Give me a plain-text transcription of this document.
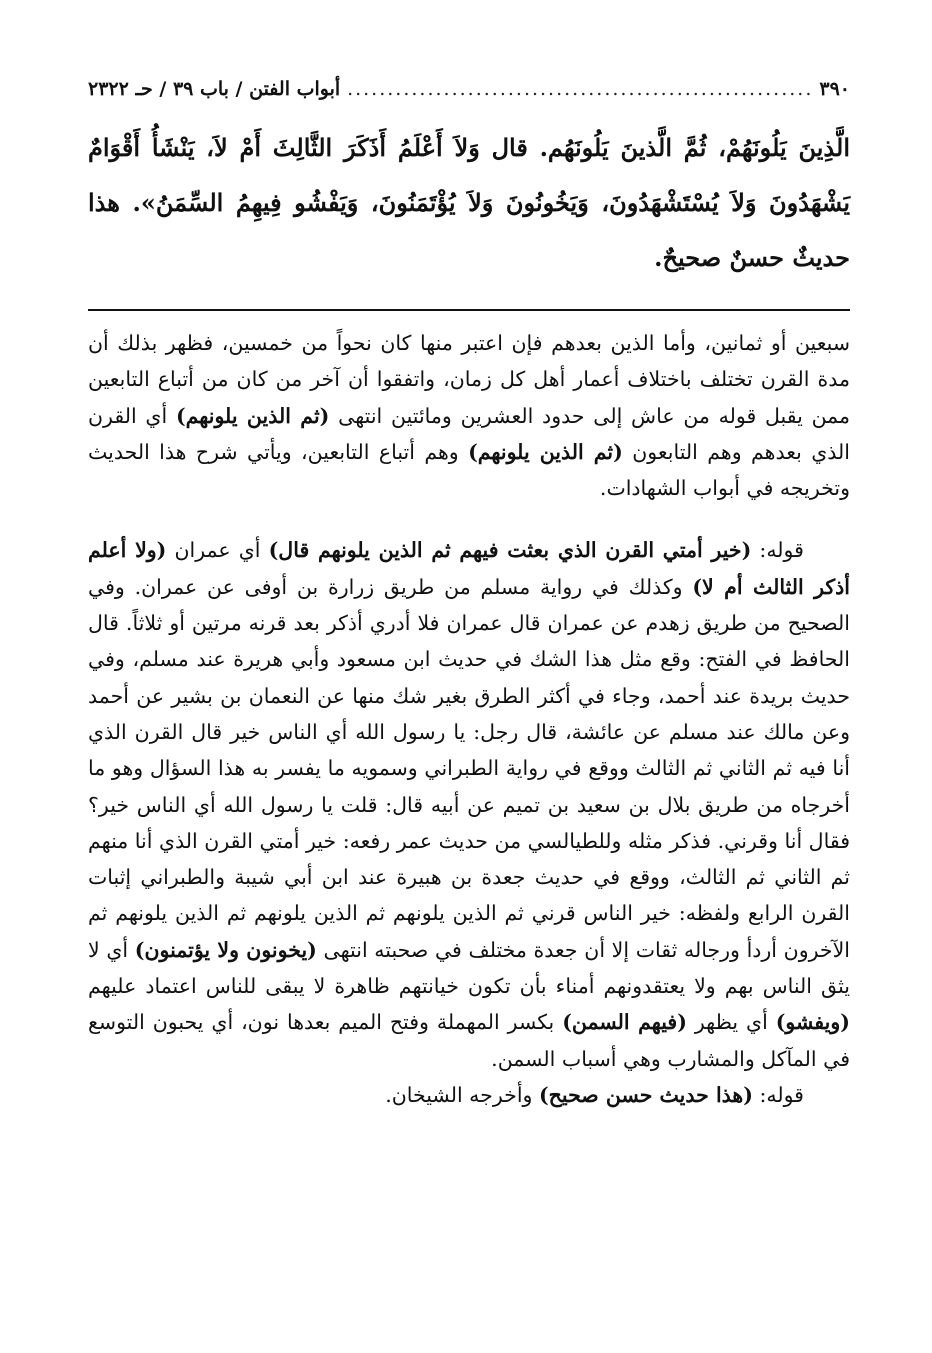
٣٩٠
.....
أبواب الفتن / باب ٣٩ / حـ ٢٣٢٢

الَّذِينَ يَلُونَهُمْ، ثُمَّ الَّذينَ يَلُونَهُم. قال وَلاَ أَعْلَمُ أَذَكَرَ الثَّالِثَ أَمْ لاَ، يَنْشَأُ أَقْوَامٌ يَشْهَدُونَ وَلاَ يُسْتَشْهَدُونَ، وَيَخُونُونَ وَلاَ يُؤْتَمَنُونَ، وَيَفْشُو فِيهِمُ السِّمَنُ». هذا حديثٌ حسنٌ صحيحٌ.

سبعين أو ثمانين، وأما الذين بعدهم فإن اعتبر منها كان نحواً من خمسين، فظهر بذلك أن مدة القرن تختلف باختلاف أعمار أهل كل زمان، واتفقوا أن آخر من كان من أتباع التابعين ممن يقبل قوله من عاش إلى حدود العشرين ومائتين انتهى (ثم الذين يلونهم) أي القرن الذي بعدهم وهم التابعون (ثم الذين يلونهم) وهم أتباع التابعين، ويأتي شرح هذا الحديث وتخريجه في أبواب الشهادات.

قوله: (خير أمتي القرن الذي بعثت فيهم ثم الذين يلونهم قال) أي عمران (ولا أعلم أذكر الثالث أم لا) وكذلك في رواية مسلم من طريق زرارة بن أوفى عن عمران. وفي الصحيح من طريق زهدم عن عمران قال عمران فلا أدري أذكر بعد قرنه مرتين أو ثلاثاً. قال الحافظ في الفتح: وقع مثل هذا الشك في حديث ابن مسعود وأبي هريرة عند مسلم، وفي حديث بريدة عند أحمد، وجاء في أكثر الطرق بغير شك منها عن النعمان بن بشير عن أحمد وعن مالك عند مسلم عن عائشة، قال رجل: يا رسول الله أي الناس خير قال القرن الذي أنا فيه ثم الثاني ثم الثالث ووقع في رواية الطبراني وسمويه ما يفسر به هذا السؤال وهو ما أخرجاه من طريق بلال بن سعيد بن تميم عن أبيه قال: قلت يا رسول الله أي الناس خير؟ فقال أنا وقرني. فذكر مثله وللطيالسي من حديث عمر رفعه: خير أمتي القرن الذي أنا منهم ثم الثاني ثم الثالث، ووقع في حديث جعدة بن هبيرة عند ابن أبي شيبة والطبراني إثبات القرن الرابع ولفظه: خير الناس قرني ثم الذين يلونهم ثم الذين يلونهم ثم الذين يلونهم ثم الآخرون أردأ ورجاله ثقات إلا أن جعدة مختلف في صحبته انتهى (يخونون ولا يؤتمنون) أي لا يثق الناس بهم ولا يعتقدونهم أمناء بأن تكون خيانتهم ظاهرة لا يبقى للناس اعتماد عليهم (ويفشو) أي يظهر (فيهم السمن) بكسر المهملة وفتح الميم بعدها نون، أي يحبون التوسع في المآكل والمشارب وهي أسباب السمن.

قوله: (هذا حديث حسن صحيح) وأخرجه الشيخان.
